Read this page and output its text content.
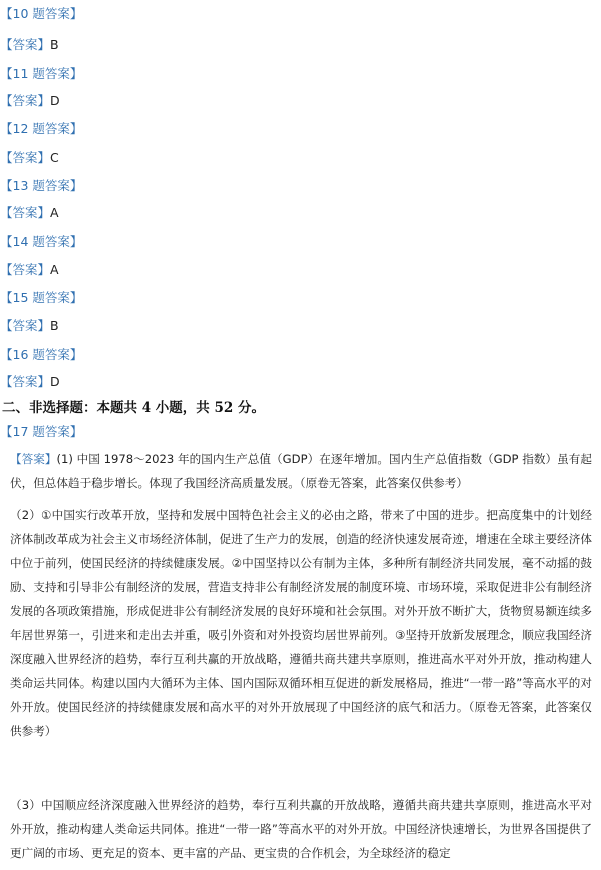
【10 题答案】
【答案】B
【11 题答案】
【答案】D
【12 题答案】
【答案】C
【13 题答案】
【答案】A
【14 题答案】
【答案】A
【15 题答案】
【答案】B
【16 题答案】
【答案】D
二、非选择题：本题共 4 小题，共 52 分。
【17 题答案】
【答案】(1) 中国 1978～2023 年的国内生产总值（GDP）在逐年增加。国内生产总值指数（GDP 指数）虽有起伏，但总体趋于稳步增长。体现了我国经济高质量发展。（原卷无答案，此答案仅供参考）
（2）①中国实行改革开放，坚持和发展中国特色社会主义的必由之路，带来了中国的进步。把高度集中的计划经济体制改革成为社会主义市场经济体制，促进了生产力的发展，创造的经济快速发展奇迹，增速在全球主要经济体中位于前列，使国民经济的持续健康发展。②中国坚持以公有制为主体，多种所有制经济共同发展，毫不动摇的鼓励、支持和引导非公有制经济的发展，营造支持非公有制经济发展的制度环境、市场环境，采取促进非公有制经济发展的各项政策措施，形成促进非公有制经济发展的良好环境和社会氛围。对外开放不断扩大，货物贸易额连续多年居世界第一，引进来和走出去并重，吸引外资和对外投资均居世界前列。③坚持开放新发展理念，顺应我国经济深度融入世界经济的趋势，奉行互利共赢的开放战略，遵循共商共建共享原则，推进高水平对外开放，推动构建人类命运共同体。构建以国内大循环为主体、国内国际双循环相互促进的新发展格局，推进“一带一路”等高水平的对外开放。使国民经济的持续健康发展和高水平的对外开放展现了中国经济的底气和活力。（原卷无答案，此答案仅供参考）
（3）中国顺应经济深度融入世界经济的趋势，奉行互利共赢的开放战略，遵循共商共建共享原则，推进高水平对外开放，推动构建人类命运共同体。推进“一带一路”等高水平的对外开放。中国经济快速增长，为世界各国提供了更广阔的市场、更充足的资本、更丰富的产品、更宝贵的合作机会，为全球经济的稳定
